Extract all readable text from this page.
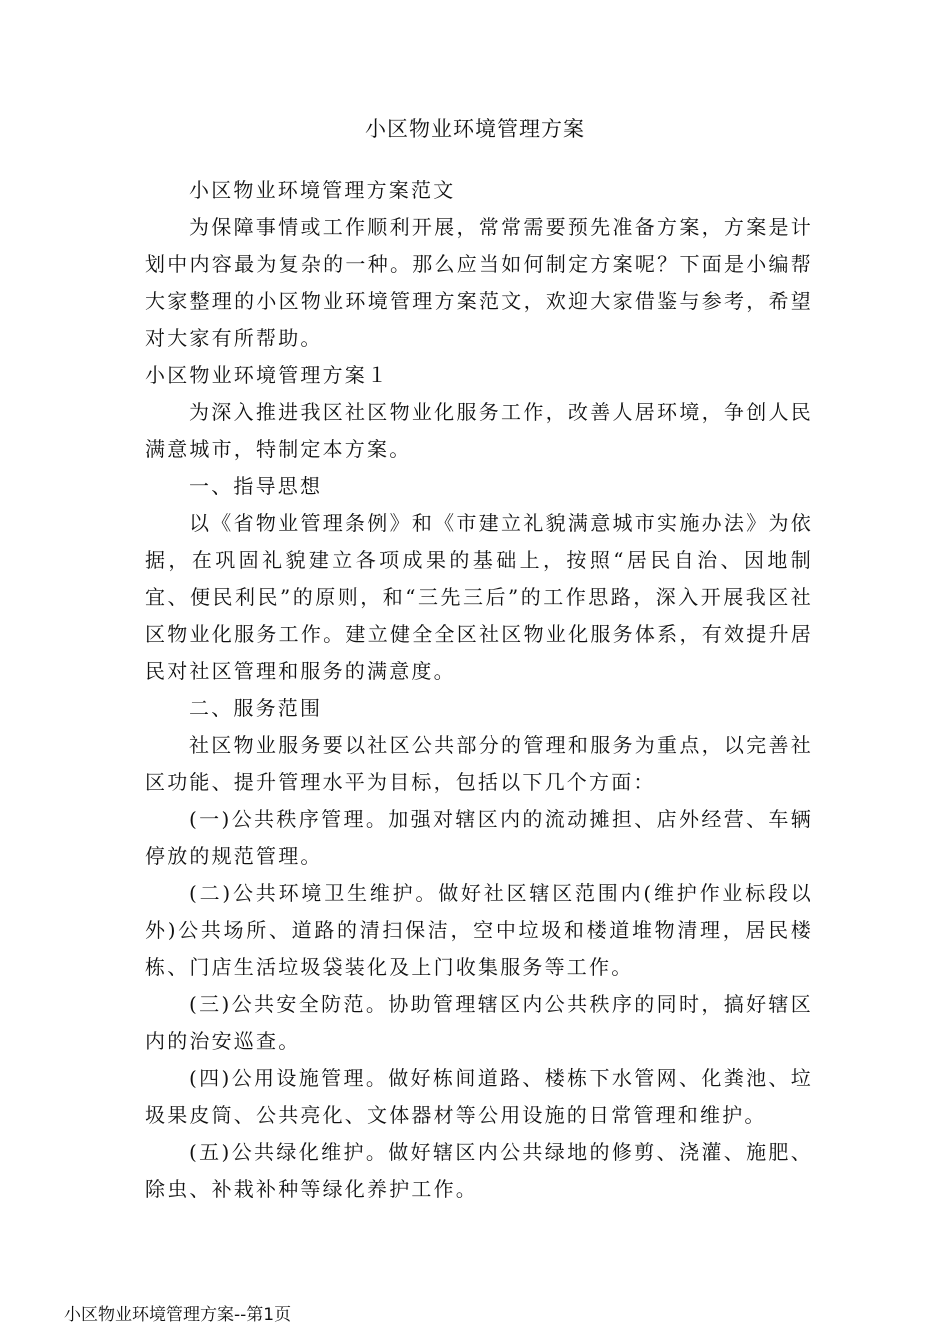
小区物业环境管理方案

小区物业环境管理方案范文

为保障事情或工作顺利开展，常常需要预先准备方案，方案是计划中内容最为复杂的一种。那么应当如何制定方案呢？下面是小编帮大家整理的小区物业环境管理方案范文，欢迎大家借鉴与参考，希望对大家有所帮助。

小区物业环境管理方案１

为深入推进我区社区物业化服务工作，改善人居环境，争创人民满意城市，特制定本方案。

一、指导思想

以《省物业管理条例》和《市建立礼貌满意城市实施办法》为依据，在巩固礼貌建立各项成果的基础上，按照“居民自治、因地制宜、便民利民”的原则，和“三先三后”的工作思路，深入开展我区社区物业化服务工作。建立健全全区社区物业化服务体系，有效提升居民对社区管理和服务的满意度。

二、服务范围

社区物业服务要以社区公共部分的管理和服务为重点，以完善社区功能、提升管理水平为目标，包括以下几个方面：

(一)公共秩序管理。加强对辖区内的流动摊担、店外经营、车辆停放的规范管理。

(二)公共环境卫生维护。做好社区辖区范围内(维护作业标段以外)公共场所、道路的清扫保洁，空中垃圾和楼道堆物清理，居民楼栋、门店生活垃圾袋装化及上门收集服务等工作。

(三)公共安全防范。协助管理辖区内公共秩序的同时，搞好辖区内的治安巡查。

(四)公用设施管理。做好栋间道路、楼栋下水管网、化粪池、垃圾果皮筒、公共亮化、文体器材等公用设施的日常管理和维护。

(五)公共绿化维护。做好辖区内公共绿地的修剪、浇灌、施肥、除虫、补栽补种等绿化养护工作。

小区物业环境管理方案--第1页
